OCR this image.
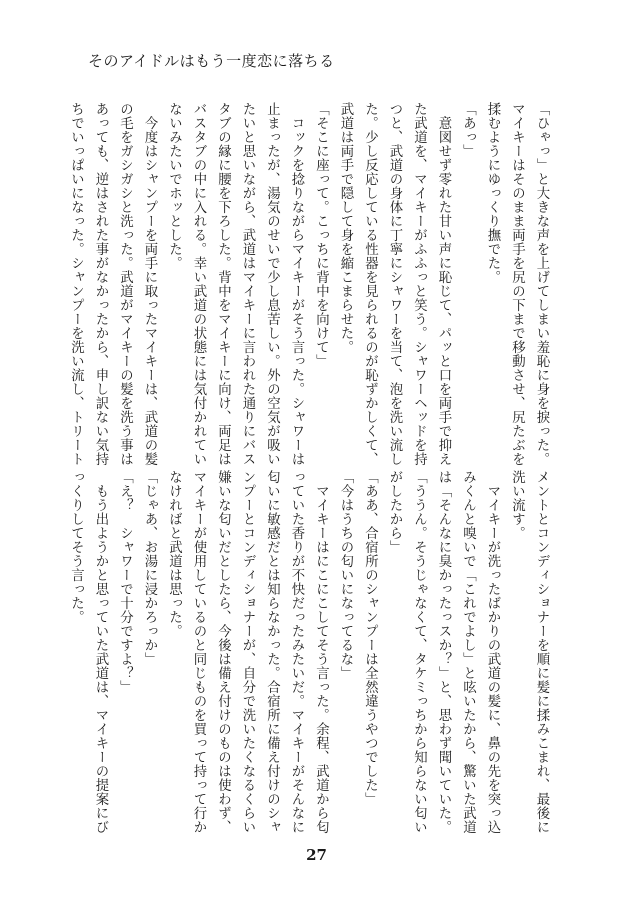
そのアイドルはもう一度恋に落ちる
「ひゃっ」と大きな声を上げてしまい羞恥に身を捩った。
マイキーはそのまま両手を尻の下まで移動させ、尻たぶを
揉むようにゆっくり撫でた。
「あっ」
　意図せず零れた甘い声に恥じて、パッと口を両手で抑え
た武道を、マイキーがふふっと笑う。シャワーヘッドを持
つと、武道の身体に丁寧にシャワーを当て、泡を洗い流し
た。少し反応している性器を見られるのが恥ずかしくて、
武道は両手で隠して身を縮こまらせた。
「そこに座って。こっちに背中を向けて」
　コックを捻りながらマイキーがそう言った。シャワーは
止まったが、湯気のせいで少し息苦しい。外の空気が吸い
たいと思いながら、武道はマイキーに言われた通りにバス
タブの縁に腰を下ろした。背中をマイキーに向け、両足は
バスタブの中に入れる。幸い武道の状態には気付かれてい
ないみたいでホッとした。
　今度はシャンプーを両手に取ったマイキーは、武道の髪
の毛をガシガシと洗った。武道がマイキーの髪を洗う事は
あっても、逆はされた事がなかったから、申し訳ない気持
ちでいっぱいになった。シャンプーを洗い流し、トリート
メントとコンディショナーを順に髪に揉みこまれ、最後に
洗い流す。
　マイキーが洗ったばかりの武道の髪に、鼻の先を突っ込
みくんと嗅いで「これでよし」と呟いたから、驚いた武道
は「そんなに臭かったっスか？」と、思わず聞いていた。
「ううん。そうじゃなくて、タケミっちから知らない匂い
がしたから」
「ああ、合宿所のシャンプーは全然違うやつでした」
「今はうちの匂いになってるな」
　マイキーはにこにこしてそう言った。余程、武道から匂
っていた香りが不快だったみたいだ。マイキーがそんなに
匂いに敏感だとは知らなかった。合宿所に備え付けのシャ
ンプーとコンディショナーが、自分で洗いたくなるくらい
嫌いな匂いだとしたら、今後は備え付けのものは使わず、
マイキーが使用しているのと同じものを買って持って行か
なければと武道は思った。
「じゃあ、お湯に浸かろっか」
「え？　シャワーで十分ですよ？」
　もう出ようかと思っていた武道は、マイキーの提案にび
っくりしてそう言った。
27
